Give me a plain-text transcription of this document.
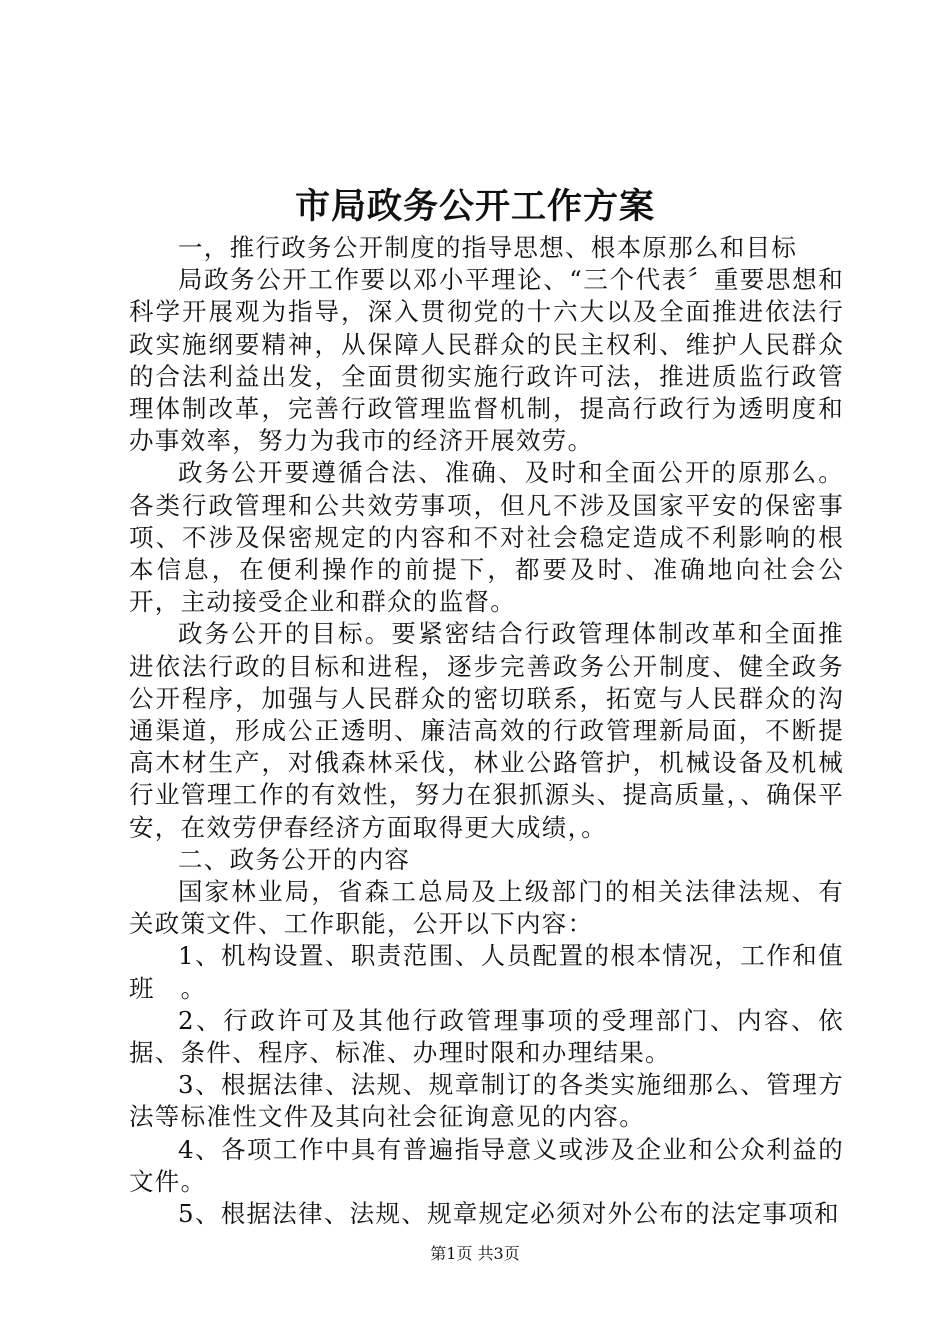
市局政务公开工作方案

一，推行政务公开制度的指导思想、根本原那么和目标

局政务公开工作要以邓小平理论、“三个代表〞重要思想和科学开展观为指导，深入贯彻党的十六大以及全面推进依法行政实施纲要精神，从保障人民群众的民主权利、维护人民群众的合法利益出发，全面贯彻实施行政许可法，推进质监行政管理体制改革，完善行政管理监督机制，提高行政行为透明度和办事效率，努力为我市的经济开展效劳。

政务公开要遵循合法、准确、及时和全面公开的原那么。各类行政管理和公共效劳事项，但凡不涉及国家平安的保密事项、不涉及保密规定的内容和不对社会稳定造成不利影响的根本信息，在便利操作的前提下，都要及时、准确地向社会公开，主动接受企业和群众的监督。

政务公开的目标。要紧密结合行政管理体制改革和全面推进依法行政的目标和进程，逐步完善政务公开制度、健全政务公开程序，加强与人民群众的密切联系，拓宽与人民群众的沟通渠道，形成公正透明、廉洁高效的行政管理新局面，不断提高木材生产，对俄森林采伐，林业公路管护，机械设备及机械行业管理工作的有效性，努力在狠抓源头、提高质量，、确保平安，在效劳伊春经济方面取得更大成绩，。

二、政务公开的内容

国家林业局，省森工总局及上级部门的相关法律法规、有关政策文件、工作职能，公开以下内容：

1、机构设置、职责范围、人员配置的根本情况，工作和值班　。

2、行政许可及其他行政管理事项的受理部门、内容、依据、条件、程序、标准、办理时限和办理结果。

3、根据法律、法规、规章制订的各类实施细那么、管理方法等标准性文件及其向社会征询意见的内容。

4、各项工作中具有普遍指导意义或涉及企业和公众利益的文件。

5、根据法律、法规、规章规定必须对外公布的法定事项和

第1页 共3页
